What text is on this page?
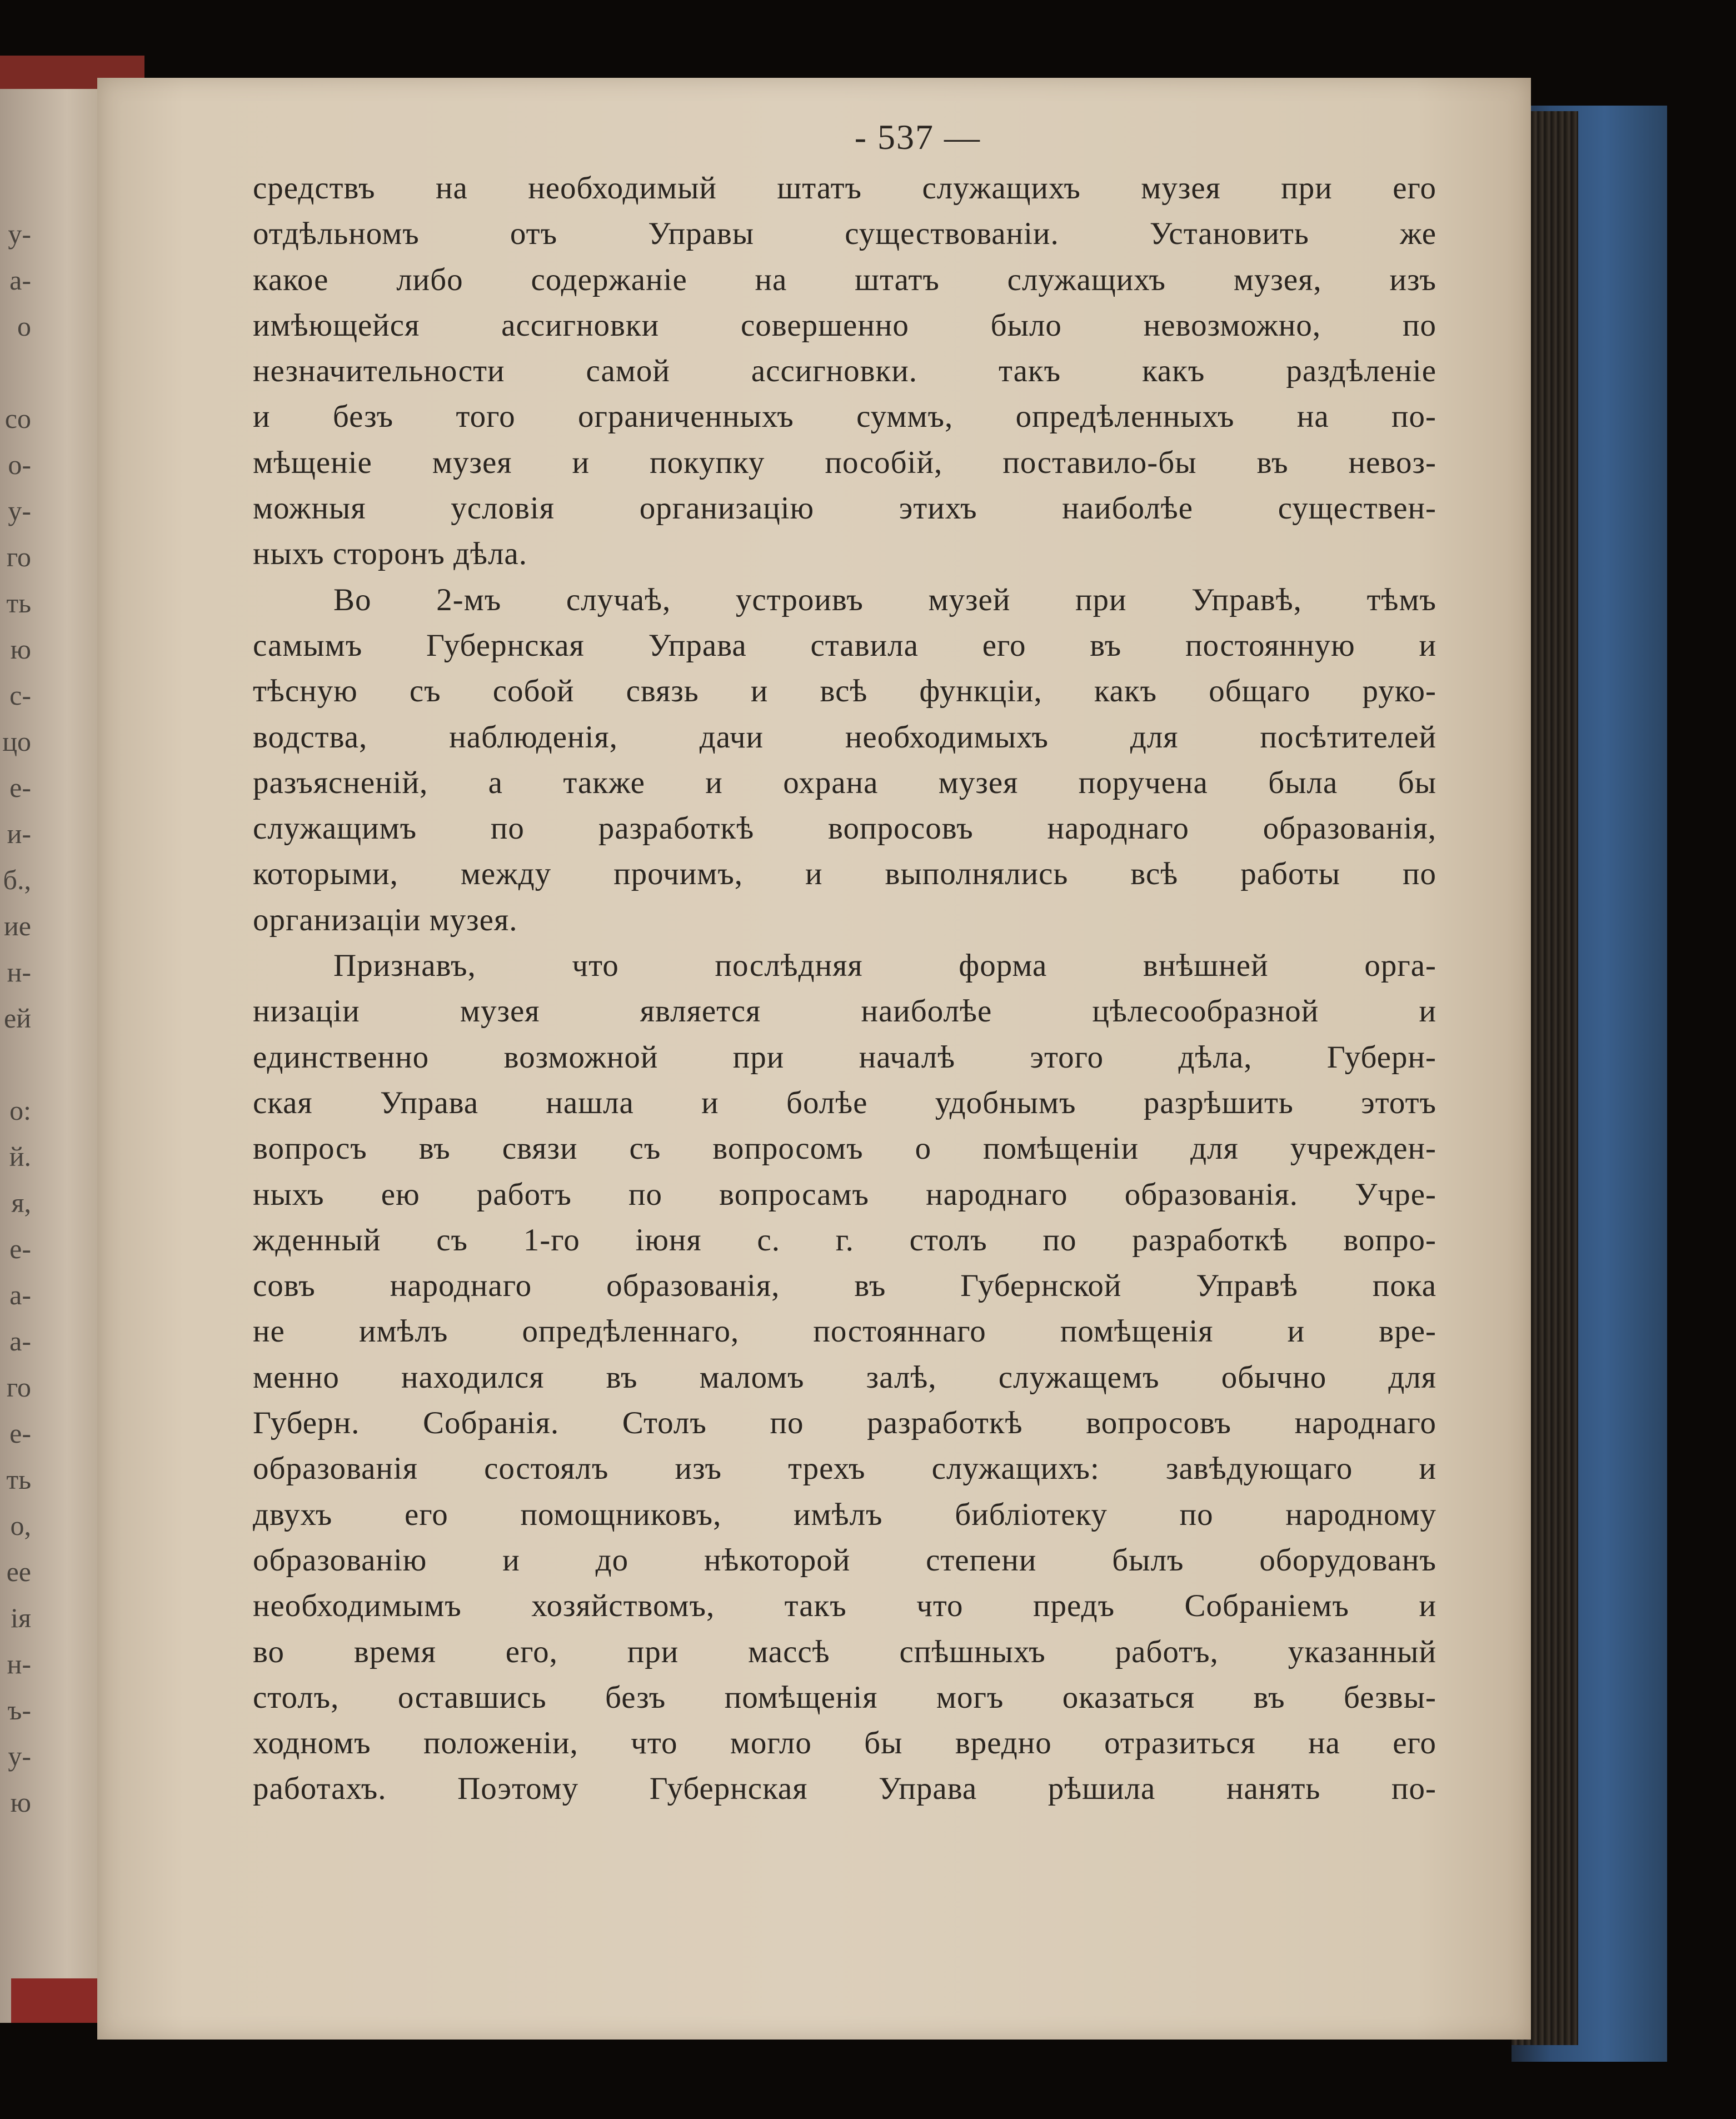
у-
а-
о
со
о-
у-
го
ть
ю
с-
цо
е-
и-
б.,
ие
н-
ей
о:
й.
я,
е-
а-
а-
го
е-
ть
о,
ее
ія
н-
ъ-
у-
ю
- 537 —
средствъ на необходимый штатъ служащихъ музея при его
отдѣльномъ отъ Управы существованіи. Установить же
какое либо содержаніе на штатъ служащихъ музея, изъ
имѣющейся ассигновки совершенно было невозможно, по
незначительности самой ассигновки. такъ какъ раздѣленіе
и безъ того ограниченныхъ суммъ, опредѣленныхъ на по-
мѣщеніе музея и покупку пособій, поставило-бы въ невоз-
можныя условія организацію этихъ наиболѣе существен-
ныхъ сторонъ дѣла.
Во 2-мъ случаѣ, устроивъ музей при Управѣ, тѣмъ
самымъ Губернская Управа ставила его въ постоянную и
тѣсную съ собой связь и всѣ функціи, какъ общаго руко-
водства, наблюденія, дачи необходимыхъ для посѣтителей
разъясненій, а также и охрана музея поручена была бы
служащимъ по разработкѣ вопросовъ народнаго образованія,
которыми, между прочимъ, и выполнялись всѣ работы по
организаціи музея.
Признавъ, что послѣдняя форма внѣшней орга-
низаціи музея является наиболѣе цѣлесообразной и
единственно возможной при началѣ этого дѣла, Губерн-
ская Управа нашла и болѣе удобнымъ разрѣшить этотъ
вопросъ въ связи съ вопросомъ о помѣщеніи для учрежден-
ныхъ ею работъ по вопросамъ народнаго образованія. Учре-
жденный съ 1-го іюня с. г. столъ по разработкѣ вопро-
совъ народнаго образованія, въ Губернской Управѣ пока
не имѣлъ опредѣленнаго, постояннаго помѣщенія и вре-
менно находился въ маломъ залѣ, служащемъ обычно для
Губерн. Собранія. Столъ по разработкѣ вопросовъ народнаго
образованія состоялъ изъ трехъ служащихъ: завѣдующаго и
двухъ его помощниковъ, имѣлъ библіотеку по народному
образованію и до нѣкоторой степени былъ оборудованъ
необходимымъ хозяйствомъ, такъ что предъ Собраніемъ и
во время его, при массѣ спѣшныхъ работъ, указанный
столъ, оставшись безъ помѣщенія могъ оказаться въ безвы-
ходномъ положеніи, что могло бы вредно отразиться на его
работахъ. Поэтому Губернская Управа рѣшила нанять по-
